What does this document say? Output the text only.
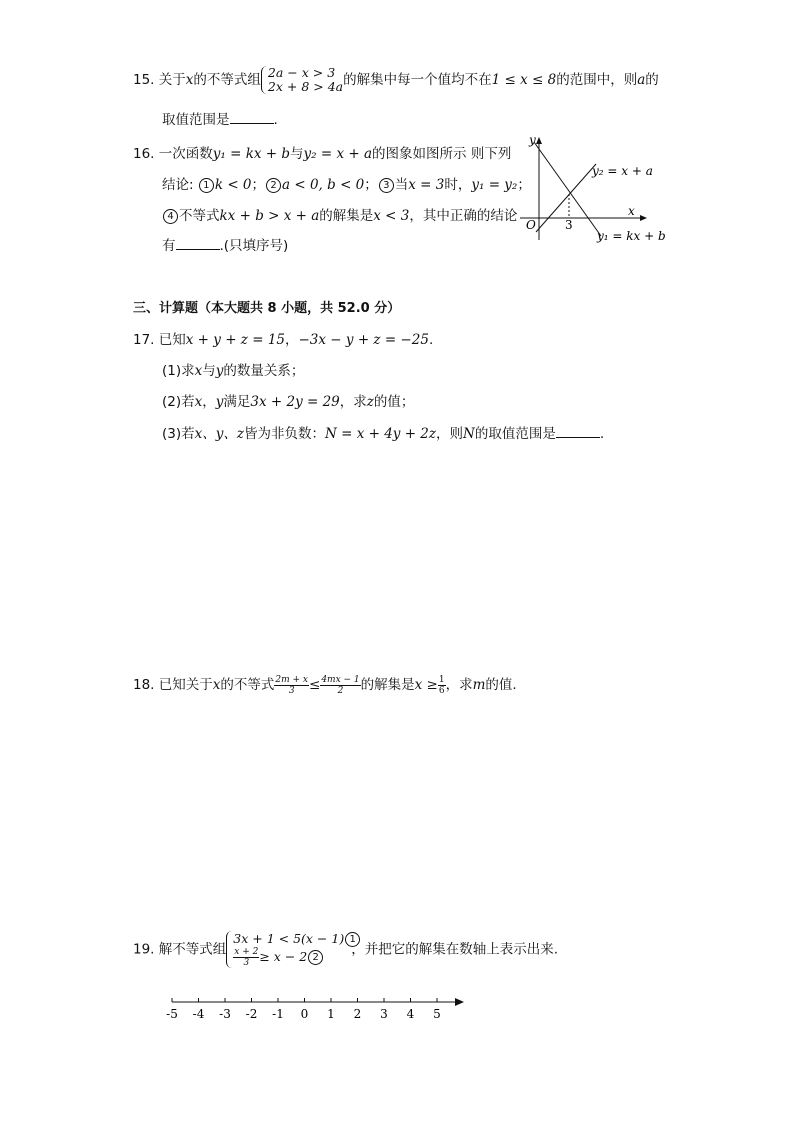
15. 关于x的不等式组 2a − x > 3
2x + 8 > 4a 的解集中每一个值均不在1 ≤ x ≤ 8的范围中，则a的
取值范围是	.
16. 一次函数y₁ = kx + b与y₂ = x + a的图象如图所示 则下列
结论: 1 k < 0； 2 a < 0, b < 0； 3 当x = 3时，y₁ = y₂；
4 不等式kx + b > x + a的解集是x < 3，其中正确的结论
有	.(只填序号)
y
x
O 3
y₂ = x + a
y₁ = kx + b
三、计算题（本大题共 8 小题，共 52.0 分）
17. 已知x + y + z = 15，−3x − y + z = −25.
(1)求x与y的数量关系；
(2)若x，y满足3x + 2y = 29，求z的值；
(3)若x、y、z皆为非负数：N = x + 4y + 2z，则N的取值范围是	.
18. 已知关于x的不等式 $\frac{2m + x}{3} \le \frac{4mx - 1}{2}$ 的解集是$x \ge \frac{1}{6}$ ，求m的值.
19. 解不等式组
3x + 1 < 5(x − 1) 1
$\frac{x + 2}{3} \ge x - 2$ 2	，并把它的解集在数轴上表示出来.
-5 -4 -3 -2 -1 0 1 2 3 4 5
